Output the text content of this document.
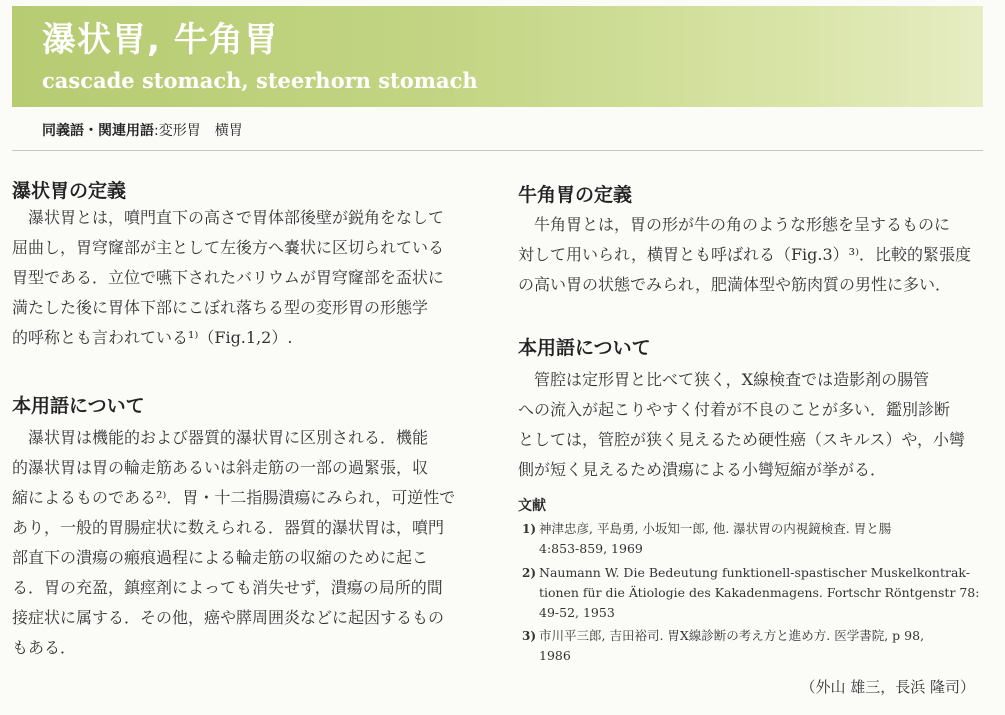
瀑状胃, 牛角胃
cascade stomach, steerhorn stomach
同義語・関連用語:変形胃　横胃
瀑状胃の定義
　瀑状胃とは，噴門直下の高さで胃体部後壁が鋭角をなして
屈曲し，胃穹窿部が主として左後方へ嚢状に区切られている
胃型である．立位で嚥下されたバリウムが胃穹窿部を盃状に
満たした後に胃体下部にこぼれ落ちる型の変形胃の形態学
的呼称とも言われている¹⁾（Fig.1,2）.
本用語について
　瀑状胃は機能的および器質的瀑状胃に区別される．機能
的瀑状胃は胃の輪走筋あるいは斜走筋の一部の過緊張，収
縮によるものである²⁾．胃・十二指腸潰瘍にみられ，可逆性で
あり，一般的胃腸症状に数えられる．器質的瀑状胃は，噴門
部直下の潰瘍の瘢痕過程による輪走筋の収縮のために起こ
る．胃の充盈，鎮痙剤によっても消失せず，潰瘍の局所的間
接症状に属する．その他，癌や膵周囲炎などに起因するもの
もある．
牛角胃の定義
　牛角胃とは，胃の形が牛の角のような形態を呈するものに
対して用いられ，横胃とも呼ばれる（Fig.3）³⁾．比較的緊張度
の高い胃の状態でみられ，肥満体型や筋肉質の男性に多い．
本用語について
　管腔は定形胃と比べて狭く，X線検査では造影剤の腸管
への流入が起こりやすく付着が不良のことが多い．鑑別診断
としては，管腔が狭く見えるため硬性癌（スキルス）や，小彎
側が短く見えるため潰瘍による小彎短縮が挙がる．
文献
1) 神津忠彦, 平島勇, 小坂知一郎, 他. 瀑状胃の内視鏡検査. 胃と腸
4:853-859, 1969
2) Naumann W. Die Bedeutung funktionell-spastischer Muskelkontrak-
tionen für die Ätiologie des Kakadenmagens. Fortschr Röntgenstr 78:
49-52, 1953
3) 市川平三郎, 吉田裕司. 胃X線診断の考え方と進め方. 医学書院, p 98,
1986
（外山 雄三，長浜 隆司）
